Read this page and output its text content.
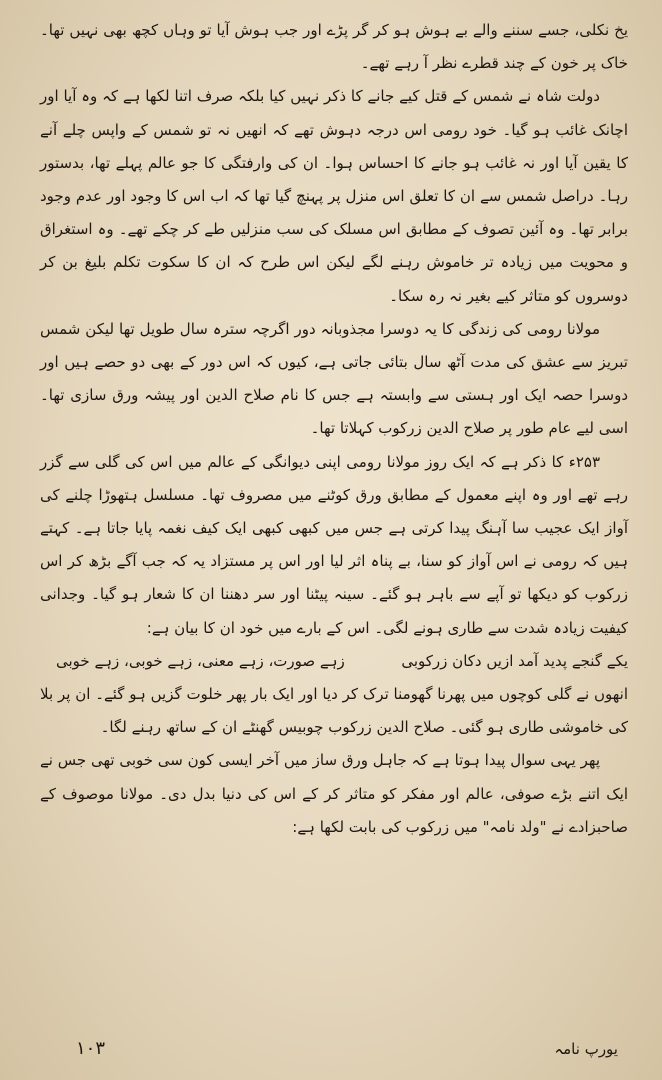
یخ نکلی، جسے سننے والے بے ہوش ہو کر گر پڑے اور جب ہوش آیا تو وہاں کچھ بھی نہیں تھا۔ خاک پر خون کے چند قطرے نظر آ رہے تھے۔

دولت شاہ نے شمس کے قتل کیے جانے کا ذکر نہیں کیا بلکہ صرف اتنا لکھا ہے کہ وہ آیا اور اچانک غائب ہو گیا۔ خود رومی اس درجہ دہوش تھے کہ انھیں نہ تو شمس کے واپس چلے آنے کا یقین آیا اور نہ غائب ہو جانے کا احساس ہوا۔ ان کی وارفتگی کا جو عالم پہلے تھا، بدستور رہا۔ دراصل شمس سے ان کا تعلق اس منزل پر پہنچ گیا تھا کہ اب اس کا وجود اور عدم وجود برابر تھا۔ وہ آئین تصوف کے مطابق اس مسلک کی سب منزلیں طے کر چکے تھے۔ وہ استغراق و محویت میں زیادہ تر خاموش رہنے لگے لیکن اس طرح کہ ان کا سکوت تکلم بلیغ بن کر دوسروں کو متاثر کیے بغیر نہ رہ سکا۔

مولانا رومی کی زندگی کا یہ دوسرا مجذوبانہ دور اگرچہ سترہ سال طویل تھا لیکن شمس تبریز سے عشق کی مدت آٹھ سال بتائی جاتی ہے، کیوں کہ اس دور کے بھی دو حصے ہیں اور دوسرا حصہ ایک اور ہستی سے وابستہ ہے جس کا نام صلاح الدین اور پیشہ ورق سازی تھا۔ اسی لیے عام طور پر صلاح الدین زرکوب کہلاتا تھا۔

۲۵۳ء کا ذکر ہے کہ ایک روز مولانا رومی اپنی دیوانگی کے عالم میں اس کی گلی سے گزر رہے تھے اور وہ اپنے معمول کے مطابق ورق کوٹنے میں مصروف تھا۔ مسلسل ہتھوڑا چلنے کی آواز ایک عجیب سا آہنگ پیدا کرتی ہے جس میں کبھی کبھی ایک کیف نغمہ پایا جاتا ہے۔ کہتے ہیں کہ رومی نے اس آواز کو سنا، بے پناہ اثر لیا اور اس پر مستزاد یہ کہ جب آگے بڑھ کر اس زرکوب کو دیکھا تو آپے سے باہر ہو گئے۔ سینہ پیٹنا اور سر دھننا ان کا شعار ہو گیا۔ وجدانی کیفیت زیادہ شدت سے طاری ہونے لگی۔ اس کے بارے میں خود ان کا بیان ہے:

یکے گنجے پدید آمد ازیں دکان زرکوبی
زہے صورت، زہے معنی، زہے خوبی، زہے خوبی

انھوں نے گلی کوچوں میں پھرنا گھومنا ترک کر دیا اور ایک بار پھر خلوت گزیں ہو گئے۔ ان پر بلا کی خاموشی طاری ہو گئی۔ صلاح الدین زرکوب چوبیس گھنٹے ان کے ساتھ رہنے لگا۔

پھر یہی سوال پیدا ہوتا ہے کہ جاہل ورق ساز میں آخر ایسی کون سی خوبی تھی جس نے ایک اتنے بڑے صوفی، عالم اور مفکر کو متاثر کر کے اس کی دنیا بدل دی۔ مولانا موصوف کے صاحبزادے نے "ولد نامہ" میں زرکوب کی بابت لکھا ہے:

یورپ نامہ
۱۰۳
